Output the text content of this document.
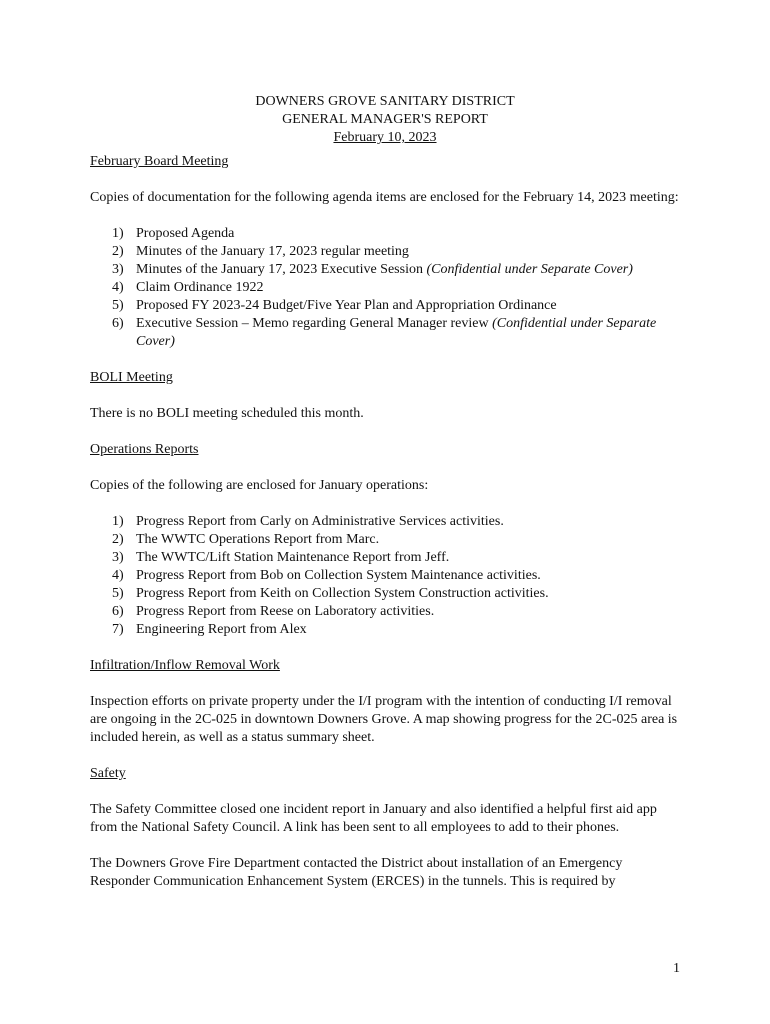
DOWNERS GROVE SANITARY DISTRICT
GENERAL MANAGER'S REPORT
February 10, 2023

February Board Meeting

Copies of documentation for the following agenda items are enclosed for the February 14, 2023 meeting:

1) Proposed Agenda
2) Minutes of the January 17, 2023 regular meeting
3) Minutes of the January 17, 2023 Executive Session (Confidential under Separate Cover)
4) Claim Ordinance 1922
5) Proposed FY 2023-24 Budget/Five Year Plan and Appropriation Ordinance
6) Executive Session – Memo regarding General Manager review (Confidential under Separate Cover)

BOLI Meeting

There is no BOLI meeting scheduled this month.

Operations Reports

Copies of the following are enclosed for January operations:

1) Progress Report from Carly on Administrative Services activities.
2) The WWTC Operations Report from Marc.
3) The WWTC/Lift Station Maintenance Report from Jeff.
4) Progress Report from Bob on Collection System Maintenance activities.
5) Progress Report from Keith on Collection System Construction activities.
6) Progress Report from Reese on Laboratory activities.
7) Engineering Report from Alex

Infiltration/Inflow Removal Work

Inspection efforts on private property under the I/I program with the intention of conducting I/I removal are ongoing in the 2C-025 in downtown Downers Grove. A map showing progress for the 2C-025 area is included herein, as well as a status summary sheet.

Safety

The Safety Committee closed one incident report in January and also identified a helpful first aid app from the National Safety Council. A link has been sent to all employees to add to their phones.

The Downers Grove Fire Department contacted the District about installation of an Emergency Responder Communication Enhancement System (ERCES) in the tunnels. This is required by

1
